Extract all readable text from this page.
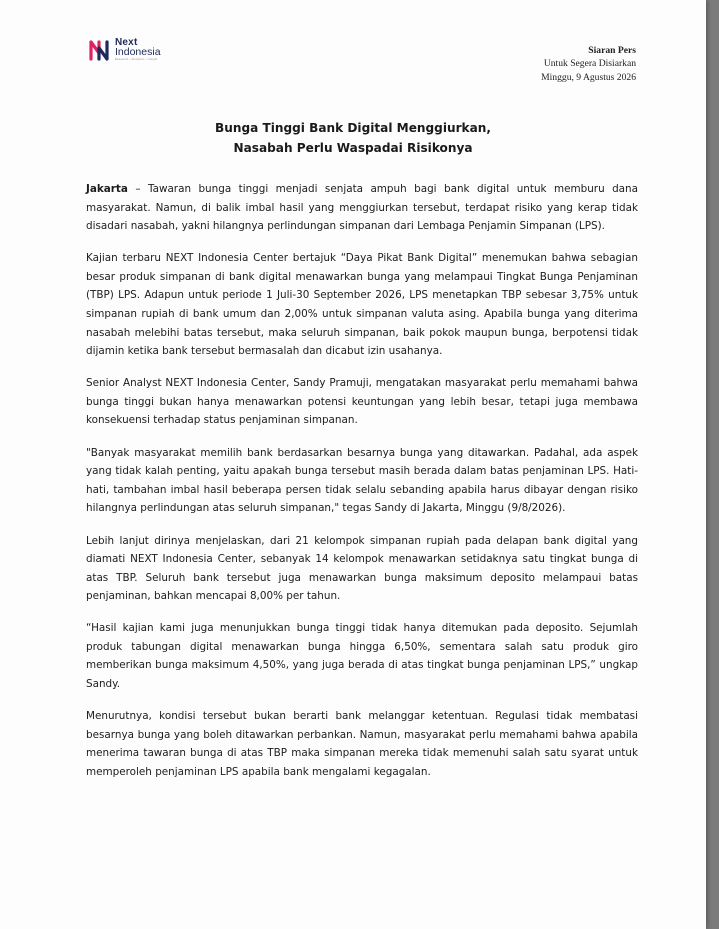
Next
Indonesia
Research • Analytics • Insight
Siaran Pers
Untuk Segera Disiarkan
Minggu, 9 Agustus 2026
Bunga Tinggi Bank Digital Menggiurkan,
Nasabah Perlu Waspadai Risikonya

Jakarta – Tawaran bunga tinggi menjadi senjata ampuh bagi bank digital untuk memburu dana masyarakat. Namun, di balik imbal hasil yang menggiurkan tersebut, terdapat risiko yang kerap tidak disadari nasabah, yakni hilangnya perlindungan simpanan dari Lembaga Penjamin Simpanan (LPS).

Kajian terbaru NEXT Indonesia Center bertajuk “Daya Pikat Bank Digital” menemukan bahwa sebagian besar produk simpanan di bank digital menawarkan bunga yang melampaui Tingkat Bunga Penjaminan (TBP) LPS. Adapun untuk periode 1 Juli-30 September 2026, LPS menetapkan TBP sebesar 3,75% untuk simpanan rupiah di bank umum dan 2,00% untuk simpanan valuta asing. Apabila bunga yang diterima nasabah melebihi batas tersebut, maka seluruh simpanan, baik pokok maupun bunga, berpotensi tidak dijamin ketika bank tersebut bermasalah dan dicabut izin usahanya.

Senior Analyst NEXT Indonesia Center, Sandy Pramuji, mengatakan masyarakat perlu memahami bahwa bunga tinggi bukan hanya menawarkan potensi keuntungan yang lebih besar, tetapi juga membawa konsekuensi terhadap status penjaminan simpanan.

"Banyak masyarakat memilih bank berdasarkan besarnya bunga yang ditawarkan. Padahal, ada aspek yang tidak kalah penting, yaitu apakah bunga tersebut masih berada dalam batas penjaminan LPS. Hati-hati, tambahan imbal hasil beberapa persen tidak selalu sebanding apabila harus dibayar dengan risiko hilangnya perlindungan atas seluruh simpanan," tegas Sandy di Jakarta, Minggu (9/8/2026).

Lebih lanjut dirinya menjelaskan, dari 21 kelompok simpanan rupiah pada delapan bank digital yang diamati NEXT Indonesia Center, sebanyak 14 kelompok menawarkan setidaknya satu tingkat bunga di atas TBP. Seluruh bank tersebut juga menawarkan bunga maksimum deposito melampaui batas penjaminan, bahkan mencapai 8,00% per tahun.

“Hasil kajian kami juga menunjukkan bunga tinggi tidak hanya ditemukan pada deposito. Sejumlah produk tabungan digital menawarkan bunga hingga 6,50%, sementara salah satu produk giro memberikan bunga maksimum 4,50%, yang juga berada di atas tingkat bunga penjaminan LPS,” ungkap Sandy.

Menurutnya, kondisi tersebut bukan berarti bank melanggar ketentuan. Regulasi tidak membatasi besarnya bunga yang boleh ditawarkan perbankan. Namun, masyarakat perlu memahami bahwa apabila menerima tawaran bunga di atas TBP maka simpanan mereka tidak memenuhi salah satu syarat untuk memperoleh penjaminan LPS apabila bank mengalami kegagalan.
